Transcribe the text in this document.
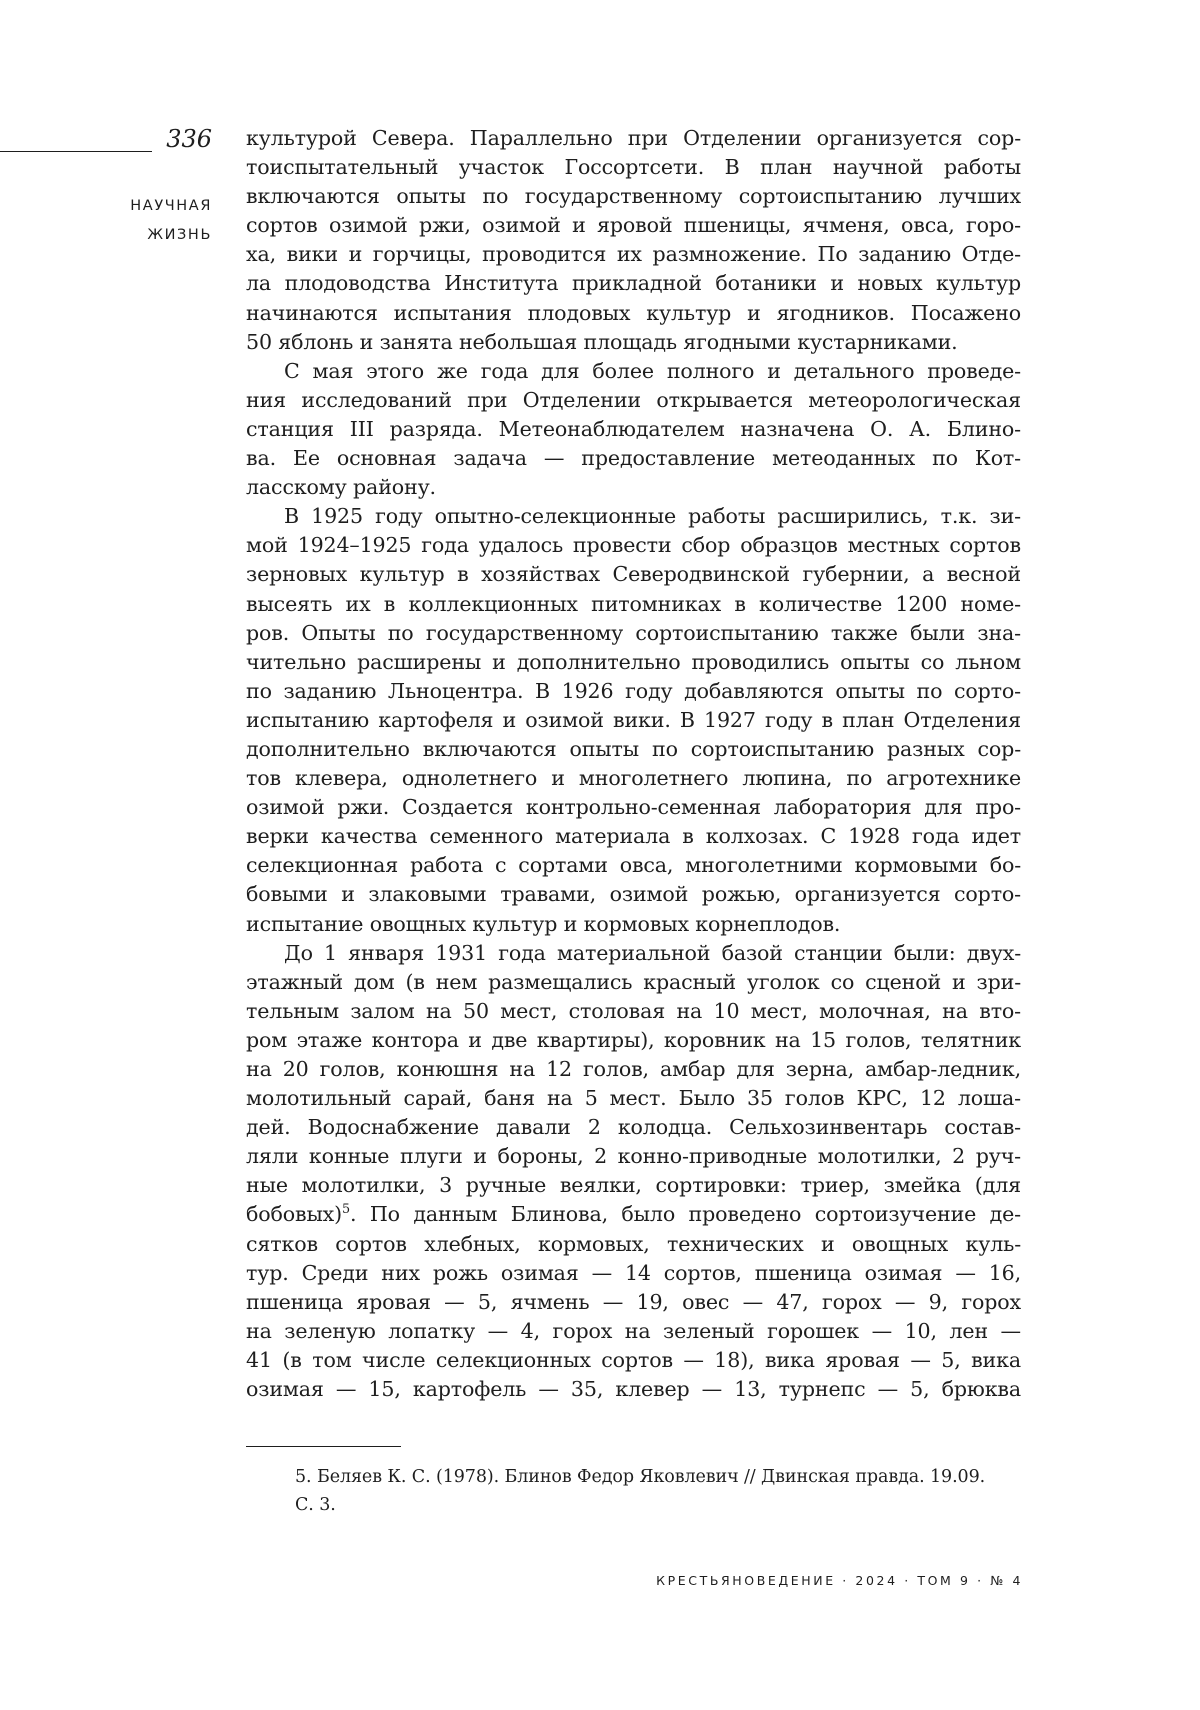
336
НАУЧНАЯ
ЖИЗНЬ
культурой Севера. Параллельно при Отделении организуется сор-
тоиспытательный участок Госсортсети. В план научной работы
включаются опыты по государственному сортоиспытанию лучших
сортов озимой ржи, озимой и яровой пшеницы, ячменя, овса, горо-
ха, вики и горчицы, проводится их размножение. По заданию Отде-
ла плодоводства Института прикладной ботаники и новых культур
начинаются испытания плодовых культур и ягодников. Посажено
50 яблонь и занята небольшая площадь ягодными кустарниками.
С мая этого же года для более полного и детального проведе-
ния исследований при Отделении открывается метеорологическая
станция III разряда. Метеонаблюдателем назначена О. А. Блино-
ва. Ее основная задача — предоставление метеоданных по Кот-
ласскому району.
В 1925 году опытно-селекционные работы расширились, т.к. зи-
мой 1924–1925 года удалось провести сбор образцов местных сортов
зерновых культур в хозяйствах Северодвинской губернии, а весной
высеять их в коллекционных питомниках в количестве 1200 номе-
ров. Опыты по государственному сортоиспытанию также были зна-
чительно расширены и дополнительно проводились опыты со льном
по заданию Льноцентра. В 1926 году добавляются опыты по сорто-
испытанию картофеля и озимой вики. В 1927 году в план Отделения
дополнительно включаются опыты по сортоиспытанию разных сор-
тов клевера, однолетнего и многолетнего люпина, по агротехнике
озимой ржи. Создается контрольно-семенная лаборатория для про-
верки качества семенного материала в колхозах. С 1928 года идет
селекционная работа с сортами овса, многолетними кормовыми бо-
бовыми и злаковыми травами, озимой рожью, организуется сорто-
испытание овощных культур и кормовых корнеплодов.
До 1 января 1931 года материальной базой станции были: двух-
этажный дом (в нем размещались красный уголок со сценой и зри-
тельным залом на 50 мест, столовая на 10 мест, молочная, на вто-
ром этаже контора и две квартиры), коровник на 15 голов, телятник
на 20 голов, конюшня на 12 голов, амбар для зерна, амбар-ледник,
молотильный сарай, баня на 5 мест. Было 35 голов КРС, 12 лоша-
дей. Водоснабжение давали 2 колодца. Сельхозинвентарь состав-
ляли конные плуги и бороны, 2 конно-приводные молотилки, 2 руч-
ные молотилки, 3 ручные веялки, сортировки: триер, змейка (для
бобовых)5. По данным Блинова, было проведено сортоизучение де-
сятков сортов хлебных, кормовых, технических и овощных куль-
тур. Среди них рожь озимая — 14 сортов, пшеница озимая — 16,
пшеница яровая — 5, ячмень — 19, овес — 47, горох — 9, горох
на зеленую лопатку — 4, горох на зеленый горошек — 10, лен —
41 (в том числе селекционных сортов — 18), вика яровая — 5, вика
озимая — 15, картофель — 35, клевер — 13, турнепс — 5, брюква
5. Беляев К. С. (1978). Блинов Федор Яковлевич // Двинская правда. 19.09.
С. 3.
КРЕСТЬЯНОВЕДЕНИЕ · 2024 · ТОМ 9 · № 4
